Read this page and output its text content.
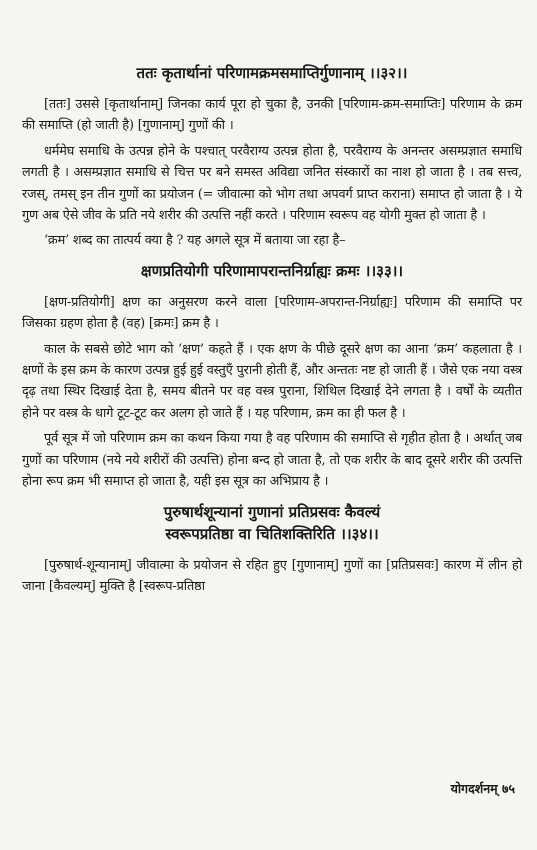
ततः कृतार्थानां परिणामक्रमसमाप्तिर्गुणानाम् ।।३२।।

[ततः] उससे [कृतार्थानाम्] जिनका कार्य पूरा हो चुका है, उनकी [परिणाम-क्रम-समाप्तिः] परिणाम के क्रम की समाप्ति (हो जाती है) [गुणानाम्] गुणों की ।

धर्ममेघ समाधि के उत्पन्न होने के पश्चात् परवैराग्य उत्पन्न होता है, परवैराग्य के अनन्तर असम्प्रज्ञात समाधि लगती है । असम्प्रज्ञात समाधि से चित्त पर बने समस्त अविद्या जनित संस्कारों का नाश हो जाता है । तब सत्त्व, रजस्, तमस् इन तीन गुणों का प्रयोजन (= जीवात्मा को भोग तथा अपवर्ग प्राप्त कराना) समाप्त हो जाता है । ये गुण अब ऐसे जीव के प्रति नये शरीर की उत्पत्ति नहीं करते । परिणाम स्वरूप वह योगी मुक्त हो जाता है ।

‘क्रम’ शब्द का तात्पर्य क्या है ? यह अगले सूत्र में बताया जा रहा है–

क्षणप्रतियोगी परिणामापरान्तनिर्ग्राह्यः क्रमः ।।३३।।

[क्षण-प्रतियोगी] क्षण का अनुसरण करने वाला [परिणाम-अपरान्त-निर्ग्राह्यः] परिणाम की समाप्ति पर जिसका ग्रहण होता है (वह) [क्रमः] क्रम है ।

काल के सबसे छोटे भाग को ‘क्षण’ कहते हैं । एक क्षण के पीछे दूसरे क्षण का आना ‘क्रम’ कहलाता है । क्षणों के इस क्रम के कारण उत्पन्न हुई हुई वस्तुएँ पुरानी होती हैं, और अन्ततः नष्ट हो जाती हैं । जैसे एक नया वस्त्र दृढ़ तथा स्थिर दिखाई देता है, समय बीतने पर वह वस्त्र पुराना, शिथिल दिखाई देने लगता है । वर्षों के व्यतीत होने पर वस्त्र के धागे टूट-टूट कर अलग हो जाते हैं । यह परिणाम, क्रम का ही फल है ।

पूर्व सूत्र में जो परिणाम क्रम का कथन किया गया है वह परिणाम की समाप्ति से गृहीत होता है । अर्थात् जब गुणों का परिणाम (नये नये शरीरों की उत्पत्ति) होना बन्द हो जाता है, तो एक शरीर के बाद दूसरे शरीर की उत्पत्ति होना रूप क्रम भी समाप्त हो जाता है, यही इस सूत्र का अभिप्राय है ।

पुरुषार्थशून्यानां गुणानां प्रतिप्रसवः कैवल्यं
स्वरूपप्रतिष्ठा वा चितिशक्तिरिति ।।३४।।

[पुरुषार्थ-शून्यानाम्] जीवात्मा के प्रयोजन से रहित हुए [गुणानाम्] गुणों का [प्रतिप्रसवः] कारण में लीन हो जाना [कैवल्यम्] मुक्ति है [स्वरूप-प्रतिष्ठा

योगदर्शनम् ७५
